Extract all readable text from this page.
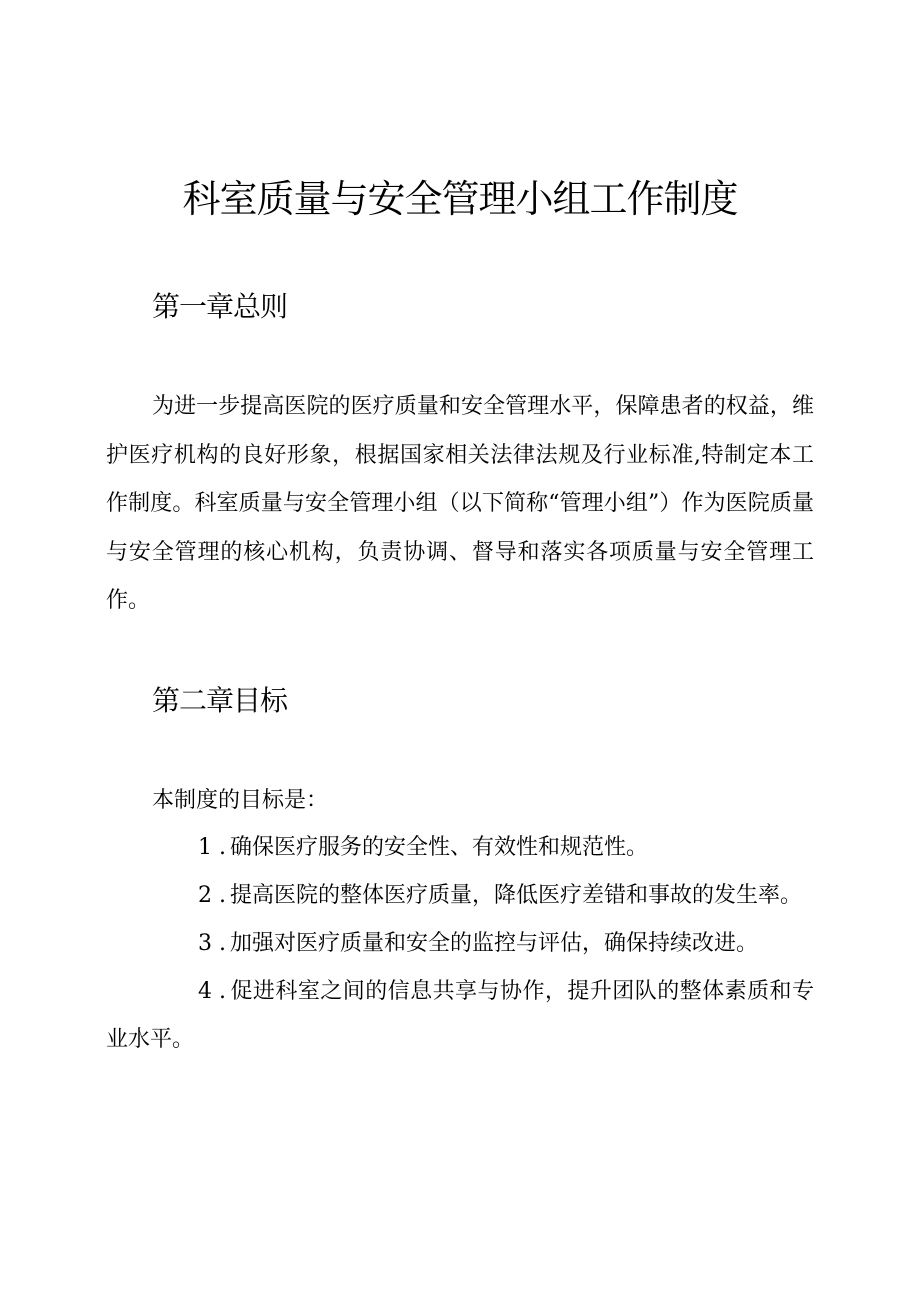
科室质量与安全管理小组工作制度
第一章总则

为进一步提高医院的医疗质量和安全管理水平，保障患者的权益，维护医疗机构的良好形象，根据国家相关法律法规及行业标准,特制定本工作制度。科室质量与安全管理小组（以下简称“管理小组”）作为医院质量与安全管理的核心机构，负责协调、督导和落实各项质量与安全管理工作。

第二章目标

本制度的目标是：

1 . 确保医疗服务的安全性、有效性和规范性。
2 . 提高医院的整体医疗质量，降低医疗差错和事故的发生率。
3 . 加强对医疗质量和安全的监控与评估，确保持续改进。
4 . 促进科室之间的信息共享与协作，提升团队的整体素质和专业水平。
